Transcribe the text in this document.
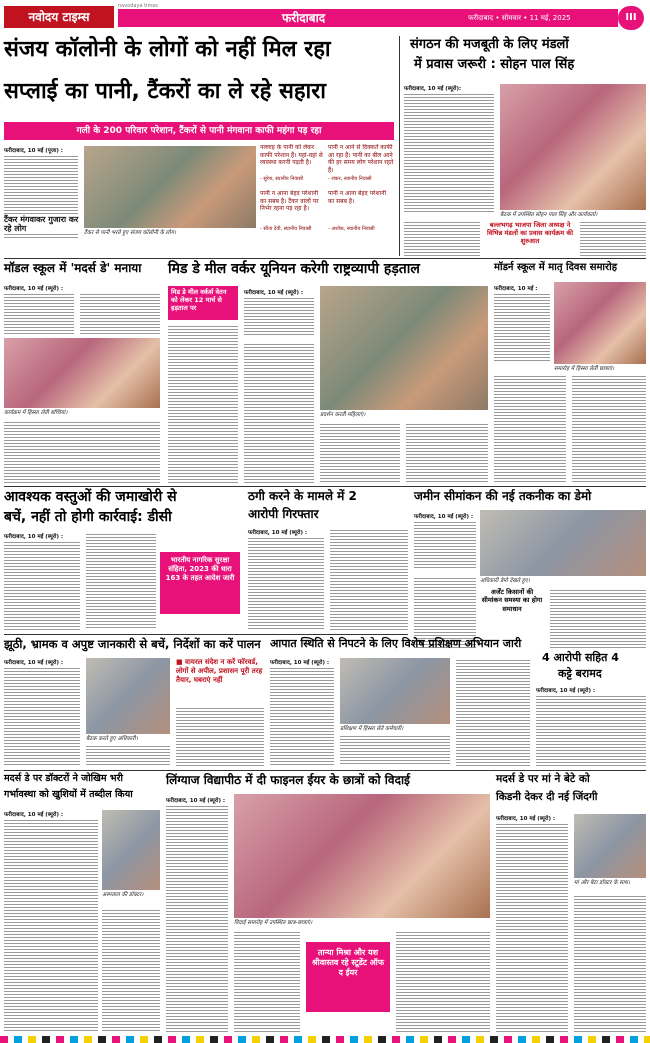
नवोदय टाइम्स
navodaya times
फरीदाबाद	फरीदाबाद • सोमवार • 11 मई, 2025	III
संजय कॉलोनी के लोगों को नहीं मिल रहा
सप्लाई का पानी, टैंकरों का ले रहे सहारा
गली के 200 परिवार परेशान, टैंकरों से पानी मंगवाना काफी महंगा पड़ रहा
फरीदाबाद, 10 मई (पूजा) :
टैंकर से पानी भरते हुए संजय कॉलोनी के लोग।
नल्लाह के पानी को लेकर काफी परेशान हैं। यहां-वहां से व्यवस्था करनी पड़ती है।
- सुरेश, स्थानीय निवासी
पानी न आने से दिक्कतें काफी आ रहा है। पानी का बील आने की हर समय लोग परेशान रहते हैं।
- शंकर, स्थानीय निवासी
पानी न आना बेहद परेशानी का सबब है। टैंकर वालों पर निर्भर रहना पड़ रहा है।
- सीता देवी, स्थानीय निवासी
पानी न आना बेहद परेशानी का सबब है।
- अशोक, स्थानीय निवासी
टैंकर मंगवाकर गुजारा कर रहे लोग
संगठन की मजबूती के लिए मंडलों
में प्रवास जरूरी : सोहन पाल सिंह
फरीदाबाद, 10 मई (ब्यूरो):
बैठक में उपस्थित सोहन पाल सिंह और कार्यकर्ता।
बल्लभगढ़ भाजपा जिला अध्यक्ष ने विभिन्न मंडलों का प्रवास कार्यक्रम की शुरुआत
मॉडल स्कूल में 'मदर्स डे' मनाया
फरीदाबाद, 10 मई (ब्यूरो) :
कार्यक्रम में हिस्सा लेती बच्चियां।
मिड डे मील वर्कर यूनियन करेगी राष्ट्रव्यापी हड़ताल
मिड डे मील वर्कर्स वेतन को लेकर 12 मार्च से हड़ताल पर
फरीदाबाद, 10 मई (ब्यूरो) :
प्रदर्शन करती महिलाएं।
मॉडर्न स्कूल में मातृ दिवस समारोह
फरीदाबाद, 10 मई :
समारोह में हिस्सा लेती छात्राएं।
आवश्यक वस्तुओं की जमाखोरी से
बचें, नहीं तो होगी कार्रवाई: डीसी
फरीदाबाद, 10 मई (ब्यूरो) :
भारतीय नागरिक सुरक्षा संहिता, 2023 की धारा 163 के तहत आदेश जारी
ठगी करने के मामले में 2
आरोपी गिरफ्तार
फरीदाबाद, 10 मई (ब्यूरो) :
जमीन सीमांकन की नई तकनीक का डेमो
फरीदाबाद, 10 मई (ब्यूरो) :
अधिकारी डेमो देखते हुए।
अर्जेंट किसानों की सीमांकन समस्या का होगा समाधान
झूठी, भ्रामक व अपुष्ट जानकारी से बचें, निर्देशों का करें पालन
फरीदाबाद, 10 मई (ब्यूरो) :
बैठक करते हुए अधिकारी।
■ वायरल संदेश न करें फॉरवर्ड, लोगों से अपील, प्रशासन पूरी तरह तैयार, घबराएं नहीं
आपात स्थिति से निपटने के लिए विशेष प्रशिक्षण अभियान जारी
फरीदाबाद, 10 मई (ब्यूरो) :
प्रशिक्षण में हिस्सा लेते कर्मचारी।
4 आरोपी सहित 4
कट्टे बरामद
फरीदाबाद, 10 मई (ब्यूरो) :
मदर्स डे पर डॉक्टरों ने जोखिम भरी
गर्भावस्था को खुशियों में तब्दील किया
फरीदाबाद, 10 मई (ब्यूरो) :
अस्पताल की डॉक्टर।
लिंग्याज विद्यापीठ में दी फाइनल ईयर के छात्रों को विदाई
फरीदाबाद, 10 मई (ब्यूरो) :
विदाई समारोह में उपस्थित छात्र-छात्राएं।
तान्या मिश्रा और यश श्रीवास्तव रहे स्टूडेंट ऑफ द ईयर
मदर्स डे पर मां ने बेटे को
किडनी देकर दी नई जिंदगी
फरीदाबाद, 10 मई (ब्यूरो) :
मां और बेटा डॉक्टर के साथ।
